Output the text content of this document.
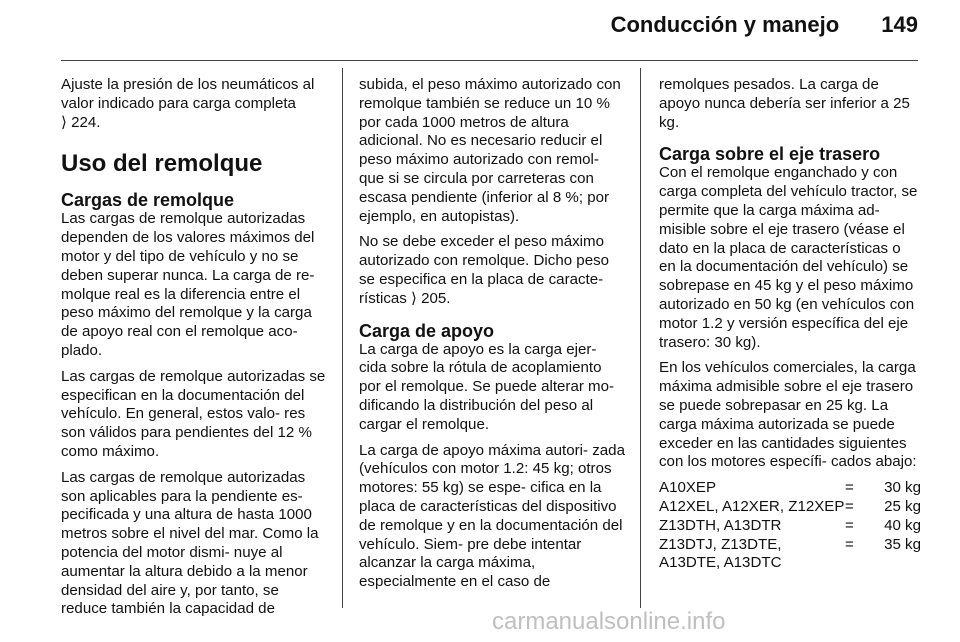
Conducción y manejo 149

Ajuste la presión de los neumáticos al valor indicado para carga completa
⟩ 224.

Uso del remolque
Cargas de remolque

Las cargas de remolque autorizadas dependen de los valores máximos del motor y del tipo de vehículo y no se deben superar nunca. La carga de re- molque real es la diferencia entre el peso máximo del remolque y la carga de apoyo real con el remolque aco- plado.

Las cargas de remolque autorizadas se especifican en la documentación del vehículo. En general, estos valo- res son válidos para pendientes del 12 % como máximo.

Las cargas de remolque autorizadas son aplicables para la pendiente es- pecificada y una altura de hasta 1000 metros sobre el nivel del mar. Como la potencia del motor dismi- nuye al aumentar la altura debido a la menor densidad del aire y, por tanto, se reduce también la capacidad de

subida, el peso máximo autorizado con remolque también se reduce un 10 % por cada 1000 metros de altura adicional. No es necesario reducir el peso máximo autorizado con remol- que si se circula por carreteras con escasa pendiente (inferior al 8 %; por ejemplo, en autopistas).

No se debe exceder el peso máximo autorizado con remolque. Dicho peso se especifica en la placa de caracte- rísticas ⟩ 205.

Carga de apoyo

La carga de apoyo es la carga ejer- cida sobre la rótula de acoplamiento por el remolque. Se puede alterar mo- dificando la distribución del peso al cargar el remolque.

La carga de apoyo máxima autori- zada (vehículos con motor 1.2: 45 kg; otros motores: 55 kg) se espe- cifica en la placa de características del dispositivo de remolque y en la documentación del vehículo. Siem- pre debe intentar alcanzar la carga máxima, especialmente en el caso de

remolques pesados. La carga de apoyo nunca debería ser inferior a 25 kg.

Carga sobre el eje trasero

Con el remolque enganchado y con carga completa del vehículo tractor, se permite que la carga máxima ad- misible sobre el eje trasero (véase el dato en la placa de características o en la documentación del vehículo) se sobrepase en 45 kg y el peso máximo autorizado en 50 kg (en vehículos con motor 1.2 y versión específica del eje trasero: 30 kg).

En los vehículos comerciales, la carga máxima admisible sobre el eje trasero se puede sobrepasar en 25 kg. La carga máxima autorizada se puede exceder en las cantidades siguientes con los motores específi- cados abajo:

A10XEP	=	30 kg
A12XEL, A12XER, Z12XEP	=	25 kg
Z13DTH, A13DTR	=	40 kg
Z13DTJ, Z13DTE, A13DTE, A13DTC	=	35 kg
carmanualsonline.info
